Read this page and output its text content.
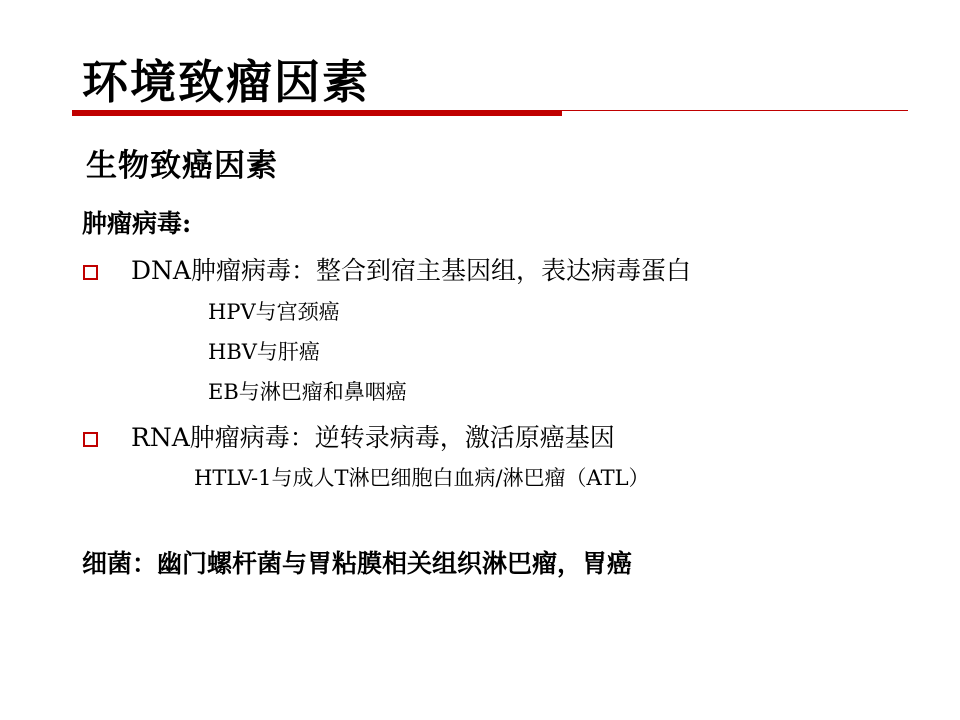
环境致瘤因素
生物致癌因素
肿瘤病毒:
DNA肿瘤病毒：整合到宿主基因组，表达病毒蛋白
HPV与宫颈癌
HBV与肝癌
EB与淋巴瘤和鼻咽癌
RNA肿瘤病毒：逆转录病毒，激活原癌基因
HTLV-1与成人T淋巴细胞白血病/淋巴瘤（ATL）
细菌：幽门螺杆菌与胃粘膜相关组织淋巴瘤，胃癌
